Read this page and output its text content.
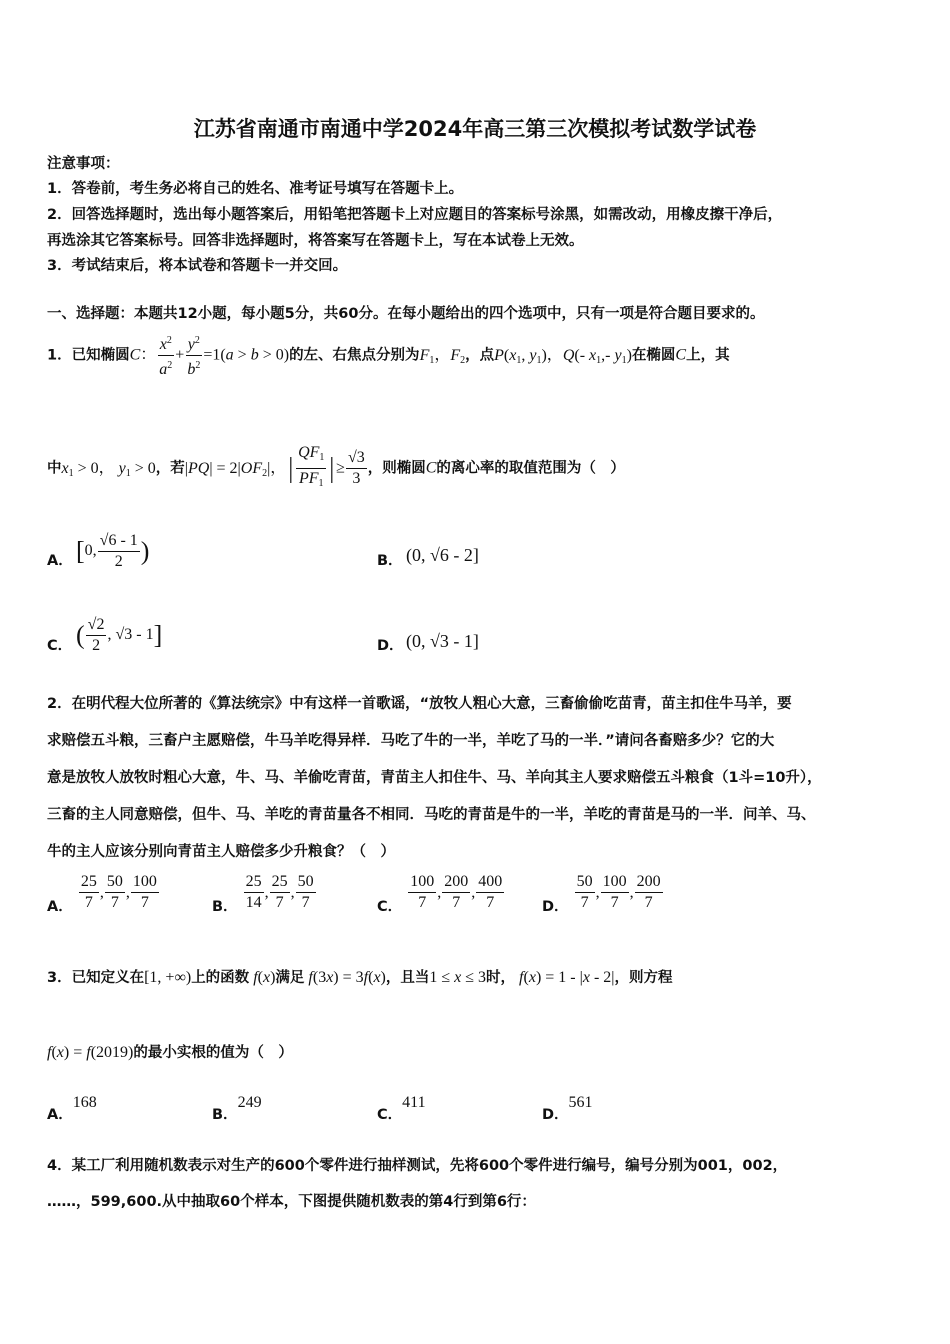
江苏省南通市南通中学2024年高三第三次模拟考试数学试卷
注意事项：
1．答卷前，考生务必将自己的姓名、准考证号填写在答题卡上。
2．回答选择题时，选出每小题答案后，用铅笔把答题卡上对应题目的答案标号涂黑，如需改动，用橡皮擦干净后，
再选涂其它答案标号。回答非选择题时，将答案写在答题卡上，写在本试卷上无效。
3．考试结束后，将本试卷和答题卡一并交回。
一、选择题：本题共12小题，每小题5分，共60分。在每小题给出的四个选项中，只有一项是符合题目要求的。
1．已知椭圆C： $\frac{x^2}{a^2} + \frac{y^2}{b^2} =1(a > b > 0)$的左、右焦点分别为$F_1$，$F_2$，点$P(x_1$, $y_1$)，Q(- $x_1,-$ $y_1$)在椭圆C上，其
中$x_1 > 0$， $y_1 > 0$，若$|PQ| = 2|OF_2|$，| $\frac{QF_1}{PF_1}$ |≥ $\frac{√3}{3}$ ，则椭圆C的离心率的取值范围为（　）
A． [0, $\frac{√6 - 1}{2}$ )	B． (0, √6 - 2]
C． ( $\frac{√2}{2}$ , √3 - 1]	D． (0, √3 - 1]
2．在明代程大位所著的《算法统宗》中有这样一首歌谣，“放牧人粗心大意，三畜偷偷吃苗青，苗主扣住牛马羊，要
求赔偿五斗粮，三畜户主愿赔偿，牛马羊吃得异样．马吃了牛的一半，羊吃了马的一半．”请问各畜赔多少？它的大
意是放牧人放牧时粗心大意，牛、马、羊偷吃青苗，青苗主人扣住牛、马、羊向其主人要求赔偿五斗粮食（1斗=10升），
三畜的主人同意赔偿，但牛、马、羊吃的青苗量各不相同．马吃的青苗是牛的一半，羊吃的青苗是马的一半．问羊、马、
牛的主人应该分别向青苗主人赔偿多少升粮食？（　）
A． $\frac{25}{7}$ , $\frac{50}{7}$ , $\frac{100}{7}$	B． $\frac{25}{14}$ , $\frac{25}{7}$ , $\frac{50}{7}$	C． $\frac{100}{7}$ , $\frac{200}{7}$ , $\frac{400}{7}$	D． $\frac{50}{7}$ , $\frac{100}{7}$ , $\frac{200}{7}$
3．已知定义在[1, +∞)上的函数 f(x)满足 f(3x) = 3f(x)，且当1 ≤ x ≤ 3时， f(x) = 1 - |x - 2|，则方程
f(x) = f(2019)的最小实根的值为（　）
A．168
B．249
C．411
D．561
4．某工厂利用随机数表示对生产的600个零件进行抽样测试，先将600个零件进行编号，编号分别为001，002，
……，599,600.从中抽取60个样本，下图提供随机数表的第4行到第6行：
